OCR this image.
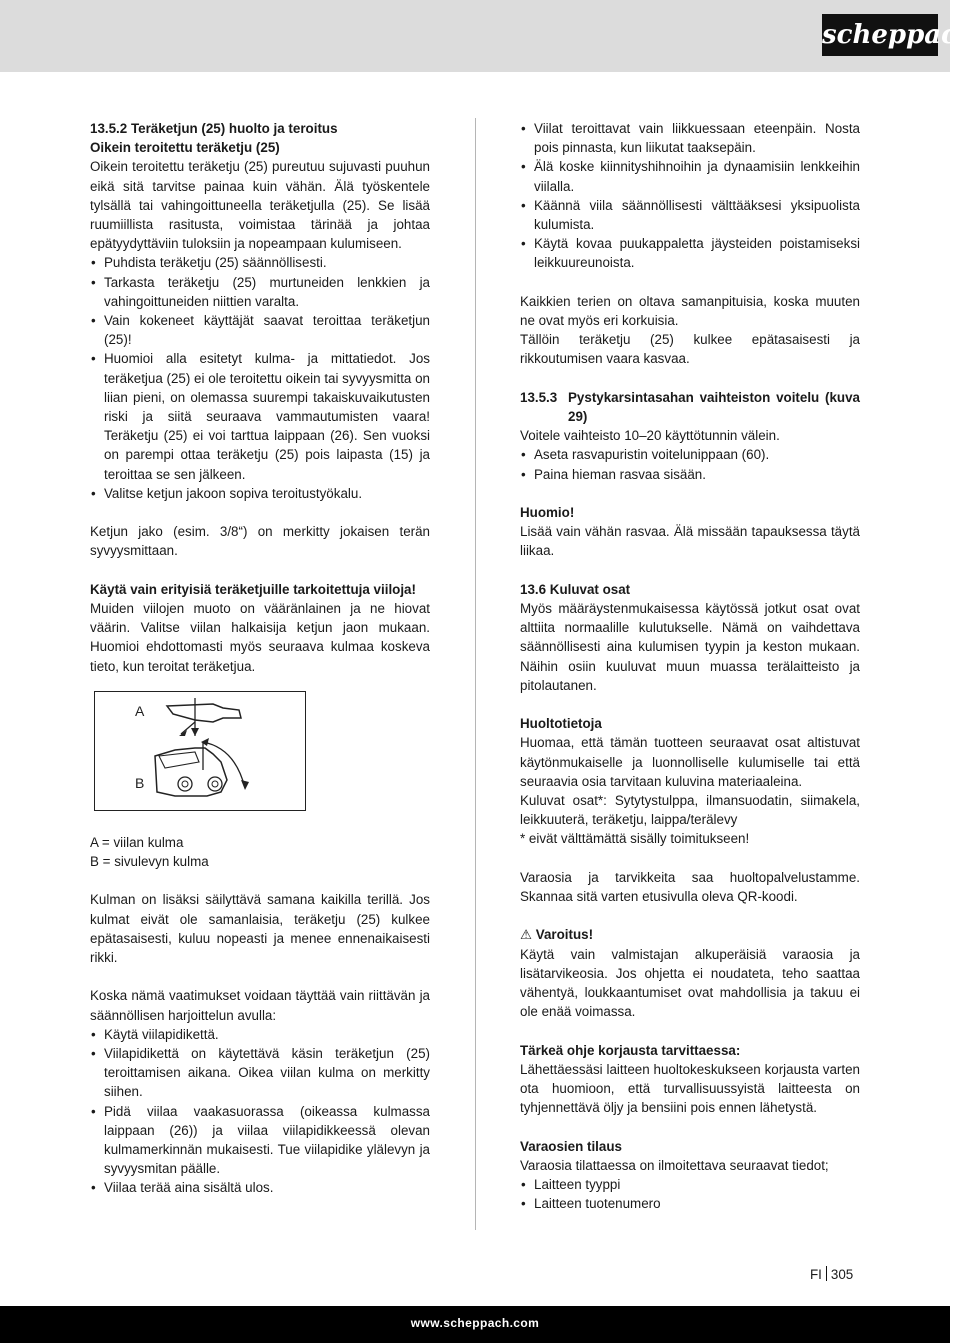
scheppach

13.5.2 Teräketjun (25) huolto ja teroitus

Oikein teroitettu teräketju (25)

Oikein teroitettu teräketju (25) pureutuu sujuvasti puuhun eikä sitä tarvitse painaa kuin vähän. Älä työskentele tylsällä tai vahingoittuneella teräketjulla (25). Se lisää ruumiillista rasitusta, voimistaa tärinää ja johtaa epätyydyttäviin tuloksiin ja nopeampaan kulumiseen.

• Puhdista teräketju (25) säännöllisesti.
• Tarkasta teräketju (25) murtuneiden lenkkien ja vahingoittuneiden niittien varalta.
• Vain kokeneet käyttäjät saavat teroittaa teräketjun (25)!
• Huomioi alla esitetyt kulma- ja mittatiedot. Jos teräketjua (25) ei ole teroitettu oikein tai syvyysmitta on liian pieni, on olemassa suurempi takaiskuvaikutusten riski ja siitä seuraava vammautumisten vaara! Teräketju (25) ei voi tarttua laippaan (26). Sen vuoksi on parempi ottaa teräketju (25) pois laipasta (15) ja teroittaa se sen jälkeen.
• Valitse ketjun jakoon sopiva teroitustyökalu.

Ketjun jako (esim. 3/8“) on merkitty jokaisen terän syvyysmittaan.

Käytä vain erityisiä teräketjuille tarkoitettuja viiloja!

Muiden viilojen muoto on vääränlainen ja ne hiovat väärin. Valitse viilan halkaisija ketjun jaon mukaan. Huomioi ehdottomasti myös seuraava kulmaa koskeva tieto, kun teroitat teräketjua.

A
B

A = viilan kulma

B = sivulevyn kulma

Kulman on lisäksi säilyttävä samana kaikilla terillä. Jos kulmat eivät ole samanlaisia, teräketju (25) kulkee epätasaisesti, kuluu nopeasti ja menee ennenaikaisesti rikki.

Koska nämä vaatimukset voidaan täyttää vain riittävän ja säännöllisen harjoittelun avulla:

• Käytä viilapidikettä.
• Viilapidikettä on käytettävä käsin teräketjun (25) teroittamisen aikana. Oikea viilan kulma on merkitty siihen.
• Pidä viilaa vaakasuorassa (oikeassa kulmassa laippaan (26)) ja viilaa viilapidikkeessä olevan kulmamerkinnän mukaisesti. Tue viilapidike ylälevyn ja syvyysmitan päälle.
• Viilaa terää aina sisältä ulos.
• Viilat teroittavat vain liikkuessaan eteenpäin. Nosta pois pinnasta, kun liikutat taaksepäin.
• Älä koske kiinnityshihnoihin ja dynaamisiin lenkkeihin viilalla.
• Käännä viila säännöllisesti välttääksesi yksipuolista kulumista.
• Käytä kovaa puukappaletta jäysteiden poistamiseksi leikkuureunoista.

Kaikkien terien on oltava samanpituisia, koska muuten ne ovat myös eri korkuisia.

Tällöin teräketju (25) kulkee epätasaisesti ja rikkoutumisen vaara kasvaa.

13.5.3 Pystykarsintasahan vaihteiston voitelu (kuva 29)

Voitele vaihteisto 10–20 käyttötunnin välein.

• Aseta rasvapuristin voitelunippaan (60).
• Paina hieman rasvaa sisään.

Huomio!

Lisää vain vähän rasvaa. Älä missään tapauksessa täytä liikaa.

13.6 Kuluvat osat

Myös määräystenmukaisessa käytössä jotkut osat ovat alttiita normaalille kulutukselle. Nämä on vaihdettava säännöllisesti aina kulumisen tyypin ja keston mukaan. Näihin osiin kuuluvat muun muassa terälaitteisto ja pitolautanen.

Huoltotietoja

Huomaa, että tämän tuotteen seuraavat osat altistuvat käytönmukaiselle ja luonnolliselle kulumiselle tai että seuraavia osia tarvitaan kuluvina materiaaleina.

Kuluvat osat*: Sytytystulppa, ilmansuodatin, siimakela, leikkuuterä, teräketju, laippa/terälevy

* eivät välttämättä sisälly toimitukseen!

Varaosia ja tarvikkeita saa huoltopalvelustamme. Skannaa sitä varten etusivulla oleva QR-koodi.

⚠ Varoitus!

Käytä vain valmistajan alkuperäisiä varaosia ja lisätarvikeosia. Jos ohjetta ei noudateta, teho saattaa vähentyä, loukkaantumiset ovat mahdollisia ja takuu ei ole enää voimassa.

Tärkeä ohje korjausta tarvittaessa:

Lähettäessäsi laitteen huoltokeskukseen korjausta varten ota huomioon, että turvallisuussyistä laitteesta on tyhjennettävä öljy ja bensiini pois ennen lähetystä.

Varaosien tilaus

Varaosia tilattaessa on ilmoitettava seuraavat tiedot;

• Laitteen tyyppi
• Laitteen tuotenumero
FI 305
www.scheppach.com
